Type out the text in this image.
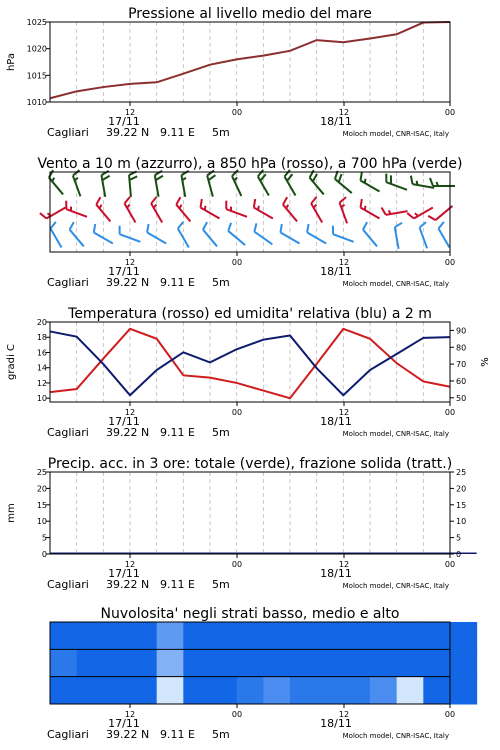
1010
1015
1020
1025
hPa
Pressione al livello medio del mare
12	00	12	00
17/11	18/11
Cagliari 39.22 N 9.11 E 5m	Moloch model, CNR-ISAC, Italy
Vento a 10 m (azzurro), a 850 hPa (rosso), a 700 hPa (verde)
12	00	12	00
17/11	18/11
Cagliari 39.22 N 9.11 E 5m	Moloch model, CNR-ISAC, Italy
10
12
14
16
18
20
50
60
70
80
90
gradi C	%
Temperatura (rosso) ed umidita' relativa (blu) a 2 m
12	00	12	00
17/11	18/11
Cagliari 39.22 N 9.11 E 5m	Moloch model, CNR-ISAC, Italy
0
5
10
15
20
25
0
5
10
15
20
25
mm
Precip. acc. in 3 ore: totale (verde), frazione solida (tratt.)
12	00	12	00
17/11	18/11
Cagliari 39.22 N 9.11 E 5m	Moloch model, CNR-ISAC, Italy
Nuvolosita' negli strati basso, medio e alto
12	00	12	00
17/11	18/11
Cagliari 39.22 N 9.11 E 5m	Moloch model, CNR-ISAC, Italy
